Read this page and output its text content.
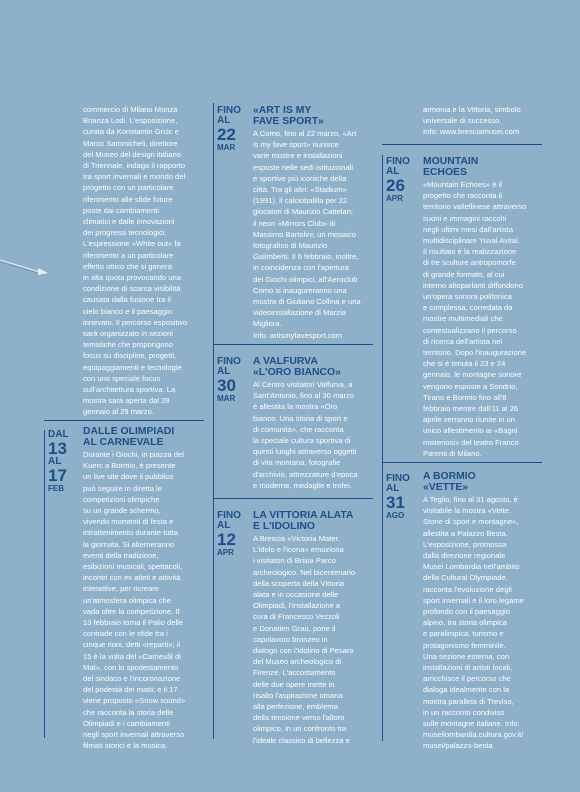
commercio di Milano Monza
Brianza Lodi. L'esposizione,
curata da Konstantin Grcic e
Marco Sammicheli, direttore
del Museo del design italiano
di Triennale, indaga il rapporto
tra sport invernali e mondo del
progetto con un particolare
riferimento alle sfide future
poste dai cambiamenti
climatici e dalle innovazioni
dei progressi tecnologici.
L'espressione «White out» fa
riferimento a un particolare
effetto ottico che si genera
in alta quota provocando una
condizione di scarsa visibilità
causata dalla fusione tra il
cielo bianco e il paesaggio
innevato. Il percorso espositivo
sarà organizzato in sezioni
tematiche che propongono
focus su discipline, progetti,
equipaggiamenti e tecnologie
con uno speciale focus
sull'architettura sportiva. La
mostra sarà aperta dal 28
gennaio al 29 marzo.
DAL
13
AL
17
FEB
DALLE OLIMPIADI
AL CARNEVALE
Durante i Giochi, in piazza del
Kuerc a Bormio, è presente
un live site dove il pubblico
può seguire in diretta le
competizioni olimpiche
su un grande schermo,
vivendo momenti di festa e
intrattenimento durante tutta
la giornata. Si alterneranno
eventi della tradizione,
esibizioni musicali, spettacoli,
incontri con ex atleti e attività
interattive, per ricreare
un'atmosfera olimpica che
vada oltre la competizione. Il
13 febbraio torna il Palio delle
contrade con le sfide tra i
cinque rioni, detti «reparti»; il
15 è la volta del «Carnevål di
Mat», con lo spodestamento
del sindaco e l'incoronazione
del podestà dei matti; e il 17
viene proposto «Snow sound»
che racconta la storia delle
Olimpiadi e i cambiamenti
negli sport invernali attraverso
filmati storici e la musica.
FINO
AL
22
MAR
«ART IS MY
FAVE SPORT»
A Como, fino al 22 marzo, «Art
is my fave sport» riunisce
varie mostre e installazioni
esposte nelle sedi istituzionali
e sportive più iconiche della
città. Tra gli altri: «Stadium»
(1991), il calciobalilla per 22
giocatori di Maurizio Cattelan;
il neon «Mirrors Club» di
Massimo Bartolini; un mosaico
fotografico di Maurizio
Galimberti. Il 6 febbraio, inoltre,
in coincidenza con l'apertura
dei Giochi olimpici, all'Aeroclub
Como si inaugureranno una
mostra di Giuliano Collina e una
videoinstallazione di Marzia
Migliora.
Info: artismyfavesport.com
FINO
AL
30
MAR
A VALFURVA
«L'ORO BIANCO»
Al Centro visitatori Valfurva, a
Sant'Antonio, fino al 30 marzo
è allestita la mostra «Oro
bianco. Una storia di sport e
di comunità», che racconta
la speciale cultura sportiva di
questi luoghi attraverso oggetti
di vita montana, fotografie
d'archivio, attrezzature d'epoca
e moderne, medaglie e trofei.
FINO
AL
12
APR
LA VITTORIA ALATA
E L'IDOLINO
A Brescia «Victoria Mater.
L'idolo e l'icona» emoziona
i visitatori di Brixia Parco
archeologico. Nel bicentenario
della scoperta della Vittoria
alata e in occasione delle
Olimpiadi, l'installazione a
cura di Francesco Vezzoli
e Donatien Grau, pone il
capolavoro bronzeo in
dialogo con l'Idolino di Pesaro
del Museo archeologico di
Firenze. L'accostamento
delle due opere mette in
risalto l'aspirazione umana
alla perfezione, emblema
della tensione verso l'alloro
olimpico, in un confronto tra
l'ideale classico di bellezza e
armonia e la Vittoria, simbolo
universale di successo.
Info: www.bresciamusei.com
FINO
AL
26
APR
MOUNTAIN
ECHOES
«Mountain Echoes» è il
progetto che racconta il
territorio valtellinese attraverso
suoni e immagini raccolti
negli ultimi mesi dall'artista
multidisciplinare Yuval Avital.
Il risultato è la realizzazione
di tre sculture antropomorfe
di grande formato, al cui
interno altoparlanti diffondono
un'opera sonora polifonica
e complessa, corredata da
mostre multimediali che
contestualizzano il percorso
di ricerca dell'artista nel
territorio. Dopo l'inaugurazione
che si è tenuta il 23 e 24
gennaio, le montagne sonore
vengono esposte a Sondrio,
Tirano e Bormio fino all'8
febbraio mentre dall'11 al 26
aprile verranno riunite in un
unico allestimento ai «Bagni
misteriosi» del teatro Franco
Parenti di Milano.
FINO
AL
31
AGO
A BORMIO
«VETTE»
A Teglio, fino al 31 agosto, è
visitabile la mostra «Vette.
Storie di sport e montagne»,
allestita a Palazzo Besta.
L'esposizione, promossa
dalla direzione regionale
Musei Lombardia nell'ambito
della Cultural Olympiade,
racconta l'evoluzione degli
sport invernali e il loro legame
profondo con il paesaggio
alpino, tra storia olimpica
e paralimpica, turismo e
protagonismo femminile.
Una sezione esterna, con
installazioni di artisti locali,
arricchisce il percorso che
dialoga idealmente con la
mostra parallela di Treviso,
in un racconto condiviso
sulle montagne italiane. Info:
museilombardia.cultura.gov.it/
musei/palazzo-besta
